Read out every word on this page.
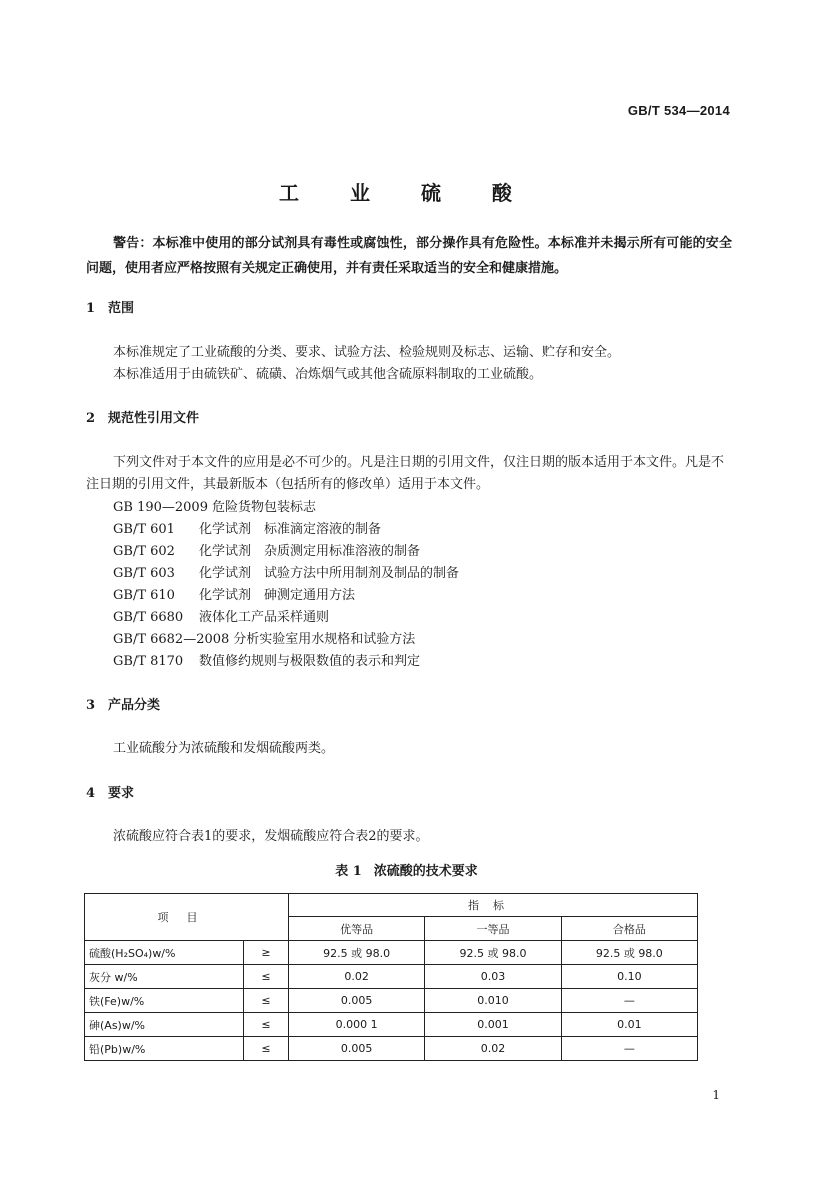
GB/T 534—2014
工 业 硫 酸
警告：本标准中使用的部分试剂具有毒性或腐蚀性，部分操作具有危险性。本标准并未揭示所有可能的安全问题，使用者应严格按照有关规定正确使用，并有责任采取适当的安全和健康措施。
1 范围
本标准规定了工业硫酸的分类、要求、试验方法、检验规则及标志、运输、贮存和安全。
本标准适用于由硫铁矿、硫磺、冶炼烟气或其他含硫原料制取的工业硫酸。
2 规范性引用文件
下列文件对于本文件的应用是必不可少的。凡是注日期的引用文件，仅注日期的版本适用于本文件。凡是不注日期的引用文件，其最新版本（包括所有的修改单）适用于本文件。
GB 190—2009 危险货物包装标志
GB/T 601 化学试剂　标准滴定溶液的制备
GB/T 602 化学试剂　杂质测定用标准溶液的制备
GB/T 603 化学试剂　试验方法中所用制剂及制品的制备
GB/T 610 化学试剂　砷测定通用方法
GB/T 6680 液体化工产品采样通则
GB/T 6682—2008 分析实验室用水规格和试验方法
GB/T 8170 数值修约规则与极限数值的表示和判定
3 产品分类
工业硫酸分为浓硫酸和发烟硫酸两类。
4 要求
浓硫酸应符合表1的要求，发烟硫酸应符合表2的要求。
表 1 浓硫酸的技术要求
项目		指标		
		优等品	一等品	合格品
硫酸(H₂SO₄)w/%	≥	92.5 或 98.0	92.5 或 98.0	92.5 或 98.0
灰分 w/%	≤	0.02	0.03	0.10
铁(Fe)w/%	≤	0.005	0.010	—
砷(As)w/%	≤	0.000 1	0.001	0.01
铅(Pb)w/%	≤	0.005	0.02	—
1
